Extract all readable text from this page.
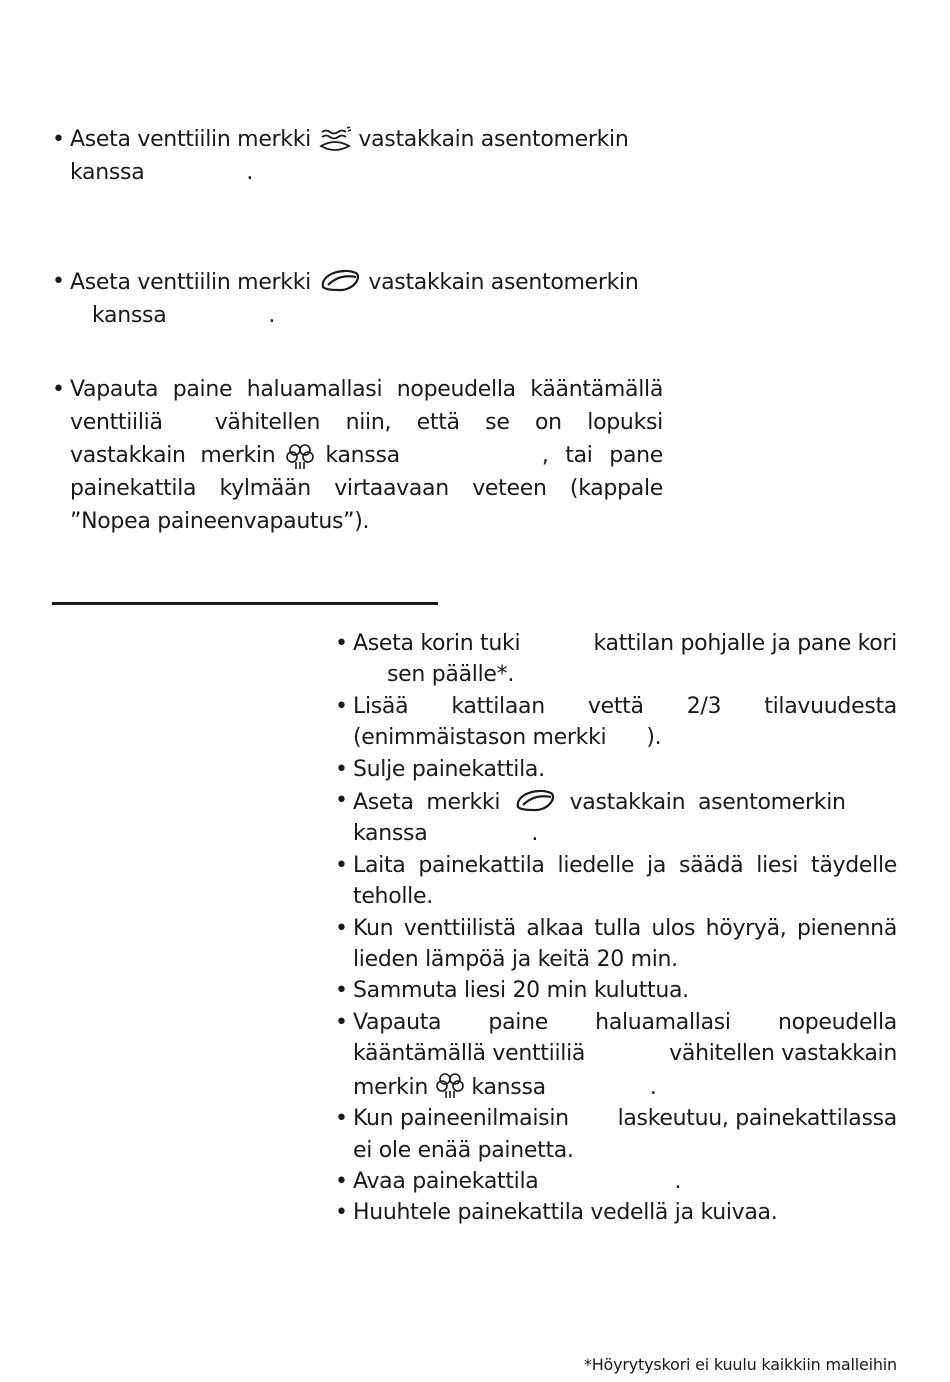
• Aseta venttiilin merkki vastakkain asentomerkin
kanssa	.
• Aseta venttiilin merkki	vastakkain asentomerkin
kanssa	.
• Vapauta paine haluamallasi nopeudella kääntämällä
venttiiliä vähitellen niin, että se on lopuksi
vastakkain merkin kanssa	, tai pane
painekattila kylmään virtaavaan veteen (kappale
”Nopea paineenvapautus”).
• Aseta korin tuki	kattilan pohjalle ja pane kori

sen päälle*.
• Lisää kattilaan vettä 2/3 tilavuudesta
(enimmäistason merkki ).
• Sulje painekattila.
• Aseta merkki	vastakkain asentomerkin
kanssa	.
• Laita painekattila liedelle ja säädä liesi täydelle
teholle.
• Kun venttiilistä alkaa tulla ulos höyryä, pienennä
lieden lämpöä ja keitä 20 min.
• Sammuta liesi 20 min kuluttua.
• Vapauta paine haluamallasi nopeudella
kääntämällä venttiiliä	vähitellen vastakkain
merkin kanssa	.
• Kun paineenilmaisin laskeutuu, painekattilassa
ei ole enää painetta.
• Avaa painekattila	.
• Huuhtele painekattila vedellä ja kuivaa.
*Höyrytyskori ei kuulu kaikkiin malleihin
